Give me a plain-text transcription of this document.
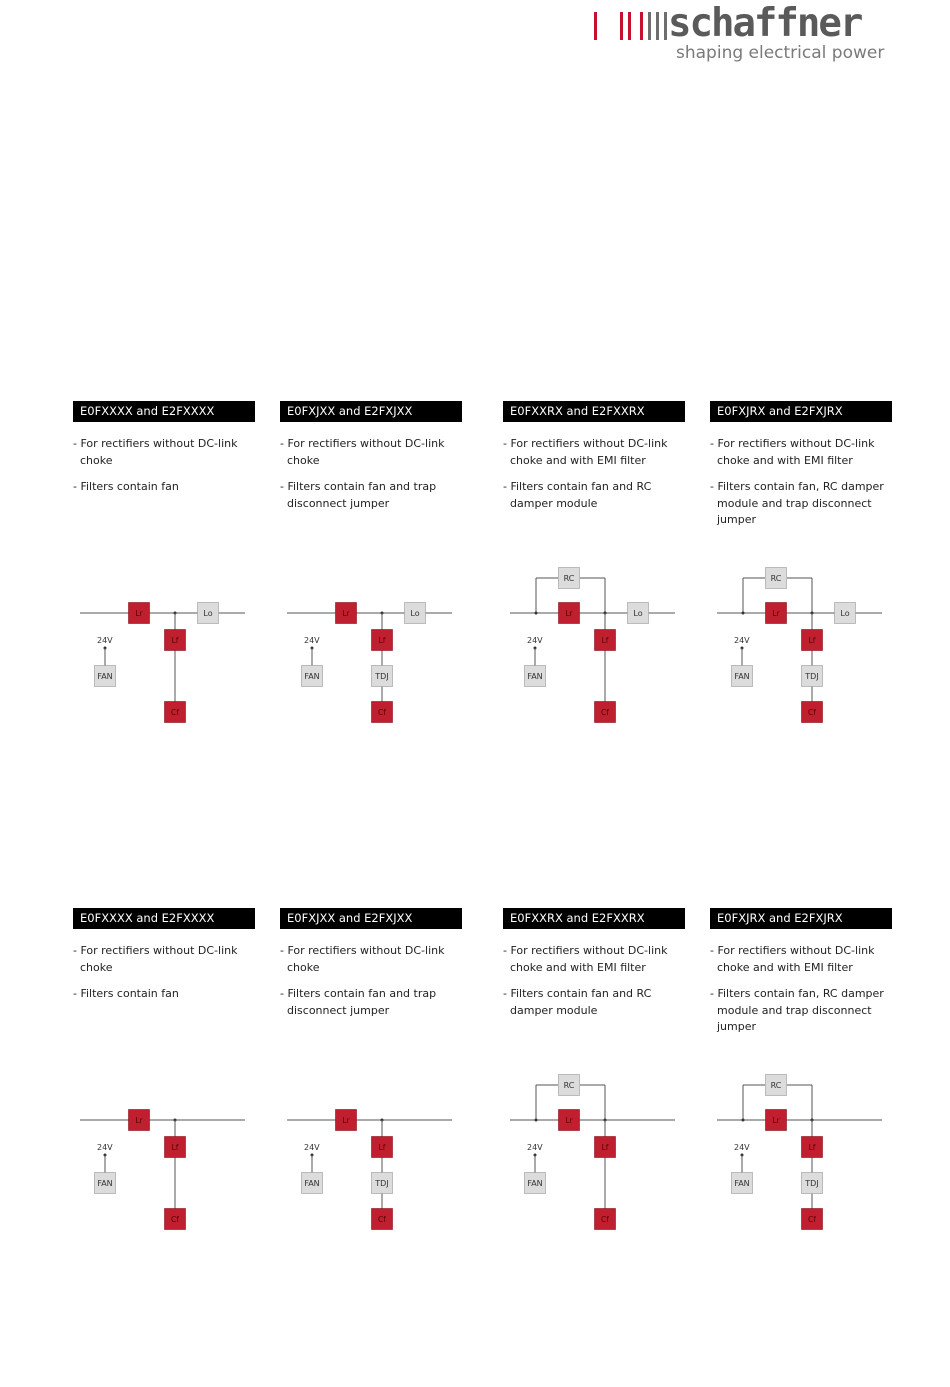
schaffner
shaping electrical power
E0FXXXX and E2FXXXX

- For rectifiers without DC-link choke

- Filters contain fan

E0FXJXX and E2FXJXX

- For rectifiers without DC-link choke

- Filters contain fan and trap disconnect jumper

E0FXXRX and E2FXXRX

- For rectifiers without DC-link choke and with EMI filter

- Filters contain fan and RC damper module

E0FXJRX and E2FXJRX

- For rectifiers without DC-link choke and with EMI filter

- Filters contain fan, RC damper module and trap disconnect jumper

Lr
Lf
Cf
Lo
24V
FAN
Lr
Lf
TDJ
Cf
Lo
24V
FAN
RC
Lr
Lf
Cf
Lo
24V
FAN
RC
Lr
Lf
TDJ
Cf
Lo
24V
FAN
E0FXXXX and E2FXXXX

- For rectifiers without DC-link choke

- Filters contain fan

E0FXJXX and E2FXJXX

- For rectifiers without DC-link choke

- Filters contain fan and trap disconnect jumper

E0FXXRX and E2FXXRX

- For rectifiers without DC-link choke and with EMI filter

- Filters contain fan and RC damper module

E0FXJRX and E2FXJRX

- For rectifiers without DC-link choke and with EMI filter

- Filters contain fan, RC damper module and trap disconnect jumper

Lr
Lf
Cf
24V
FAN
Lr
Lf
TDJ
Cf
24V
FAN
RC
Lr
Lf
Cf
24V
FAN
RC
Lr
Lf
TDJ
Cf
24V
FAN
